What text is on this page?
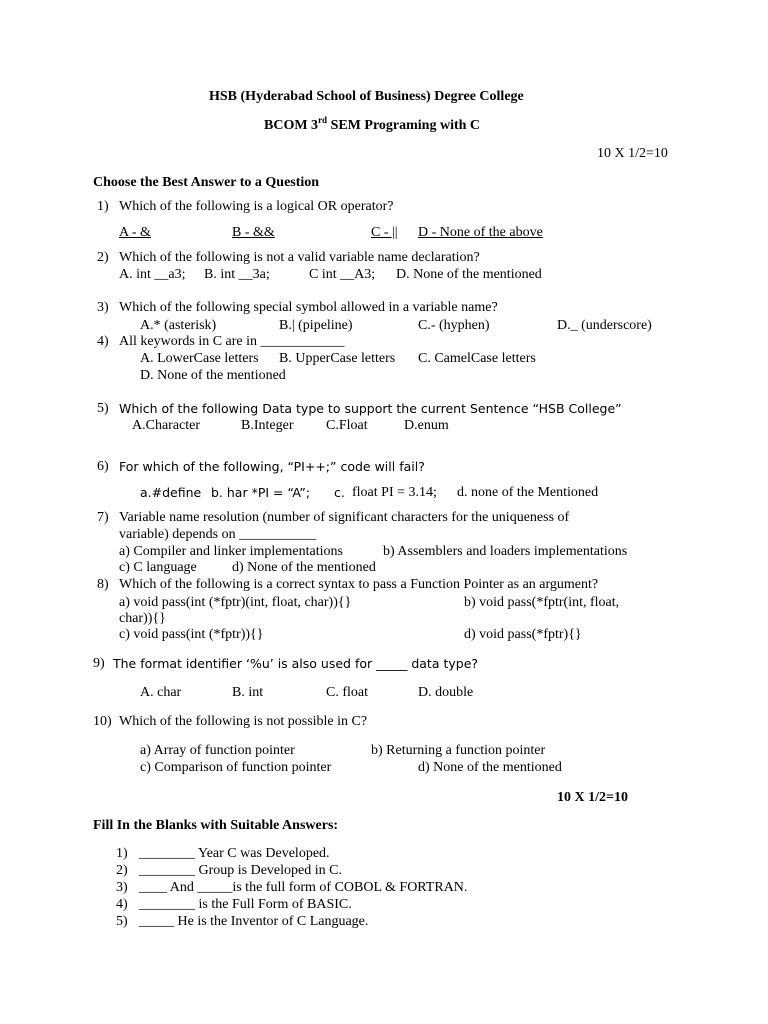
HSB (Hyderabad School of Business) Degree College
BCOM 3rd SEM Programing with C
10 X 1/2=10
Choose the Best Answer to a Question
1) Which of the following is a logical OR operator?
A - &	B - &&	C - || D - None of the above
2) Which of the following is not a valid variable name declaration?
A. int __a3; B. int __3a;	C int __A3; D. None of the mentioned
3) Which of the following special symbol allowed in a variable name?
A.* (asterisk)	B.| (pipeline)	C.- (hyphen)	D._ (underscore)
4) All keywords in C are in ____________
A. LowerCase letters B. UpperCase letters C. CamelCase letters
D. None of the mentioned
5) Which of the following Data type to support the current Sentence “HSB College”
A.Character	B.Integer C.Float	D.enum
6) For which of the following, “PI++;” code will fail?
a.#define b. har *PI = “A”; c. float PI = 3.14; d. none of the Mentioned
7) Variable name resolution (number of significant characters for the uniqueness of
variable) depends on ___________
a) Compiler and linker implementations	b) Assemblers and loaders implementations
c) C language	d) None of the mentioned
8) Which of the following is a correct syntax to pass a Function Pointer as an argument?
a) void pass(int (*fptr)(int, float, char)){}	b) void pass(*fptr(int, float,
char)){}
c) void pass(int (*fptr)){}	d) void pass(*fptr){}
9) The format identifier ‘%u’ is also used for _____ data type?
A. char	B. int	C. float	D. double
10) Which of the following is not possible in C?
a) Array of function pointer	b) Returning a function pointer
c) Comparison of function pointer	d) None of the mentioned
10 X 1/2=10
Fill In the Blanks with Suitable Answers:
1) ________ Year C was Developed.
2) ________ Group is Developed in C.
3) ____ And _____is the full form of COBOL & FORTRAN.
4) ________ is the Full Form of BASIC.
5) _____ He is the Inventor of C Language.
